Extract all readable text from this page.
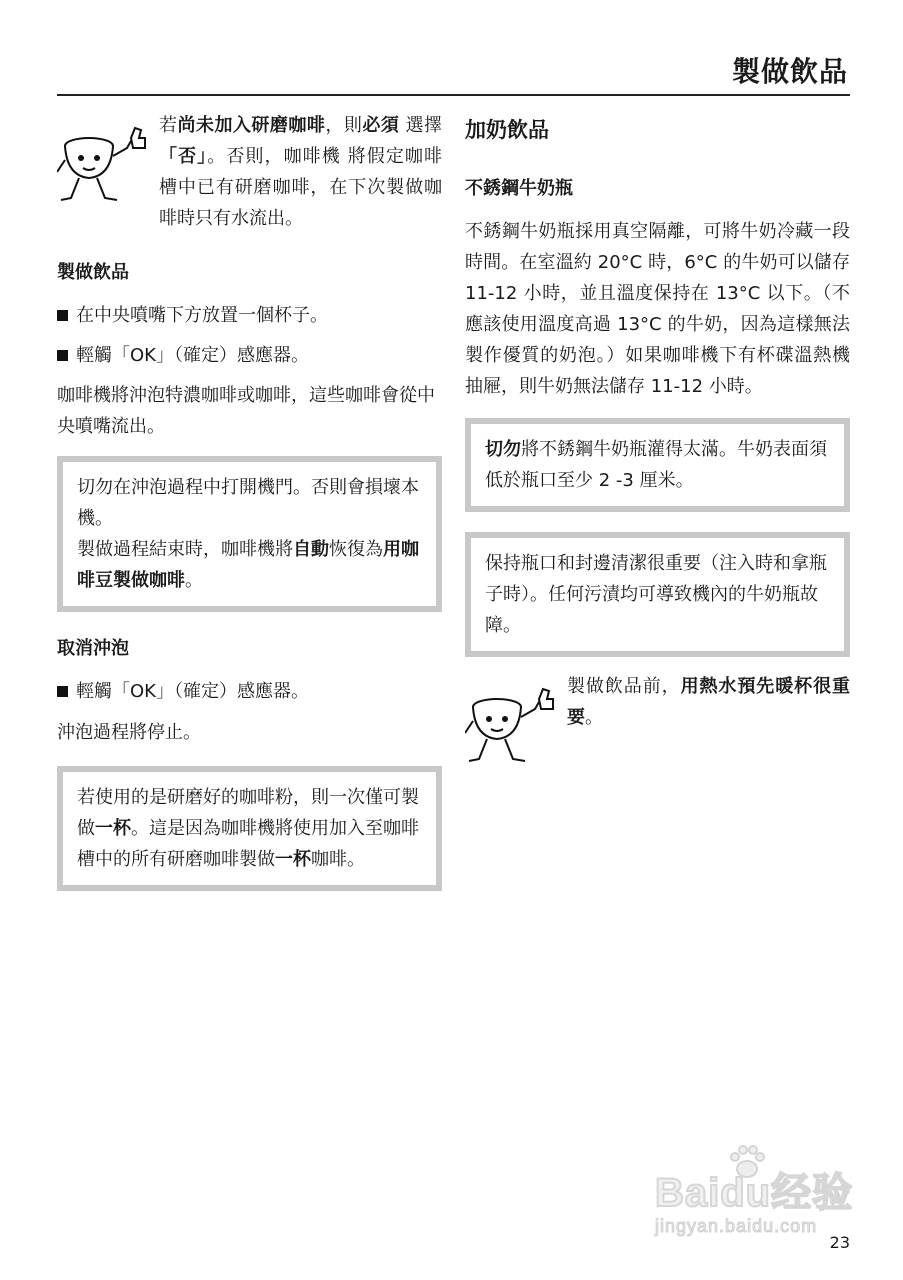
製做飲品

若尚未加入研磨咖啡，則必須 選擇「否」。否則，咖啡機 將假定咖啡槽中已有研磨咖啡，在下次製做咖啡時只有水流出。

製做飲品

在中央噴嘴下方放置一個杯子。

輕觸「OK」（確定）感應器。

咖啡機將沖泡特濃咖啡或咖啡，這些咖啡會從中央噴嘴流出。

切勿在沖泡過程中打開機門。否則會損壞本機。

製做過程結束時，咖啡機將自動恢復為用咖啡豆製做咖啡。

取消沖泡

輕觸「OK」（確定）感應器。

沖泡過程將停止。

若使用的是研磨好的咖啡粉，則一次僅可製做一杯。這是因為咖啡機將使用加入至咖啡槽中的所有研磨咖啡製做一杯咖啡。

加奶飲品
不銹鋼牛奶瓶

不銹鋼牛奶瓶採用真空隔離，可將牛奶冷藏一段時間。在室溫約 20°C 時，6°C 的牛奶可以儲存 11-12 小時，並且溫度保持在 13°C 以下。（不應該使用溫度高過 13°C 的牛奶，因為這樣無法製作優質的奶泡。）如果咖啡機下有杯碟溫熱機抽屜，則牛奶無法儲存 11-12 小時。

切勿將不銹鋼牛奶瓶灌得太滿。牛奶表面須低於瓶口至少 2 -3 厘米。

保持瓶口和封邊清潔很重要（注入時和拿瓶子時）。任何污漬均可導致機內的牛奶瓶故障。

製做飲品前，用熱水預先暖杯很重要。

Baidu经验
jingyan.baidu.com
23
